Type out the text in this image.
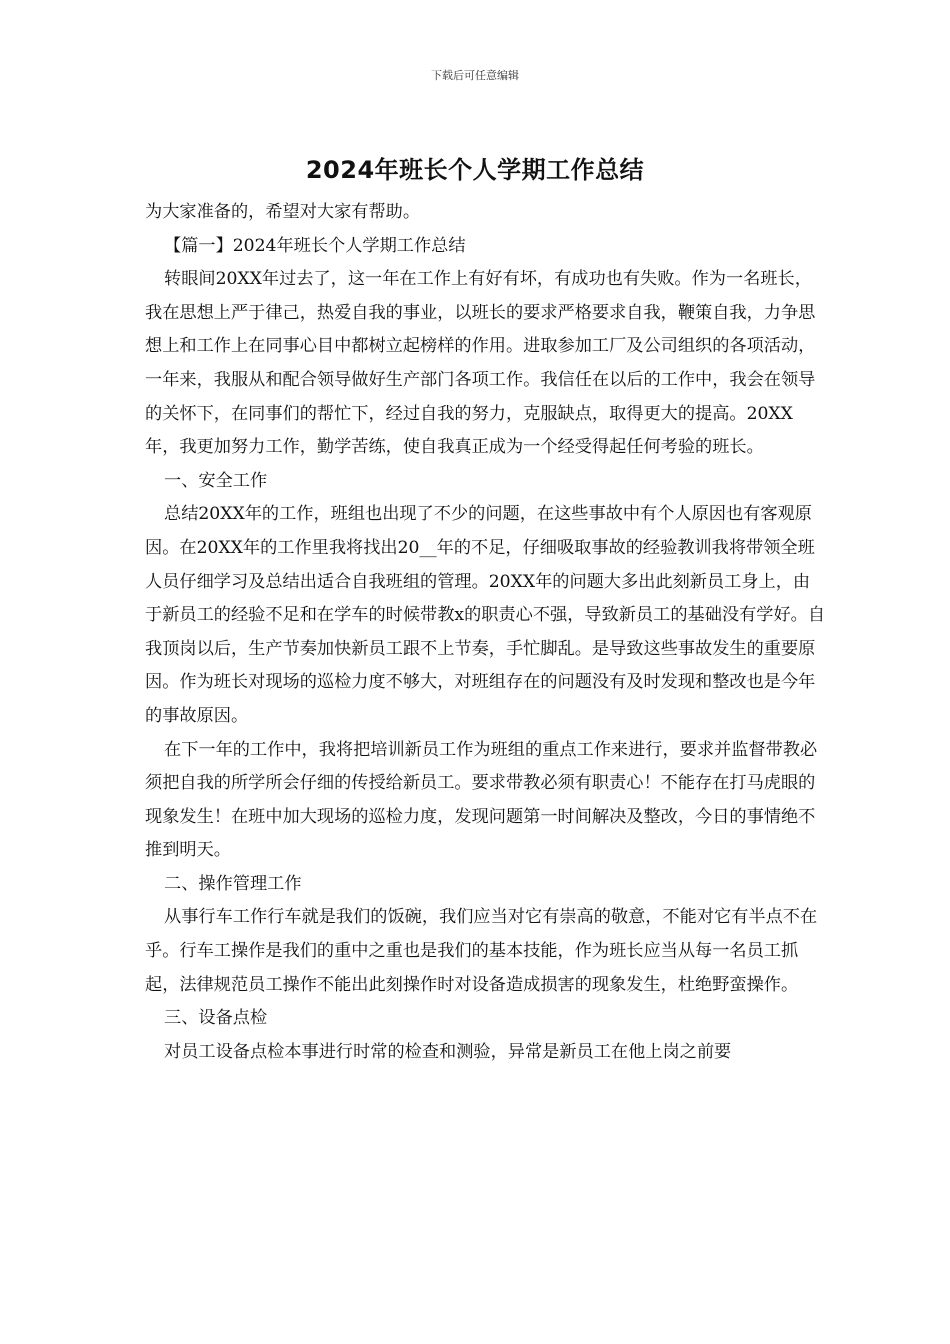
下载后可任意编辑
2024年班长个人学期工作总结

为大家准备的，希望对大家有帮助。

【篇一】2024年班长个人学期工作总结

转眼间20XX年过去了，这一年在工作上有好有坏，有成功也有失败。作为一名班长，我在思想上严于律己，热爱自我的事业，以班长的要求严格要求自我，鞭策自我，力争思想上和工作上在同事心目中都树立起榜样的作用。进取参加工厂及公司组织的各项活动，一年来，我服从和配合领导做好生产部门各项工作。我信任在以后的工作中，我会在领导的关怀下，在同事们的帮忙下，经过自我的努力，克服缺点，取得更大的提高。20XX年，我更加努力工作，勤学苦练，使自我真正成为一个经受得起任何考验的班长。

一、安全工作

总结20XX年的工作，班组也出现了不少的问题，在这些事故中有个人原因也有客观原因。在20XX年的工作里我将找出20__年的不足，仔细吸取事故的经验教训我将带领全班人员仔细学习及总结出适合自我班组的管理。20XX年的问题大多出此刻新员工身上，由于新员工的经验不足和在学车的时候带教x的职责心不强，导致新员工的基础没有学好。自我顶岗以后，生产节奏加快新员工跟不上节奏，手忙脚乱。是导致这些事故发生的重要原因。作为班长对现场的巡检力度不够大，对班组存在的问题没有及时发现和整改也是今年的事故原因。

在下一年的工作中，我将把培训新员工作为班组的重点工作来进行，要求并监督带教必须把自我的所学所会仔细的传授给新员工。要求带教必须有职责心！不能存在打马虎眼的现象发生！在班中加大现场的巡检力度，发现问题第一时间解决及整改，今日的事情绝不推到明天。

二、操作管理工作

从事行车工作行车就是我们的饭碗，我们应当对它有崇高的敬意，不能对它有半点不在乎。行车工操作是我们的重中之重也是我们的基本技能，作为班长应当从每一名员工抓起，法律规范员工操作不能出此刻操作时对设备造成损害的现象发生，杜绝野蛮操作。

三、设备点检

对员工设备点检本事进行时常的检查和测验，异常是新员工在他上岗之前要
